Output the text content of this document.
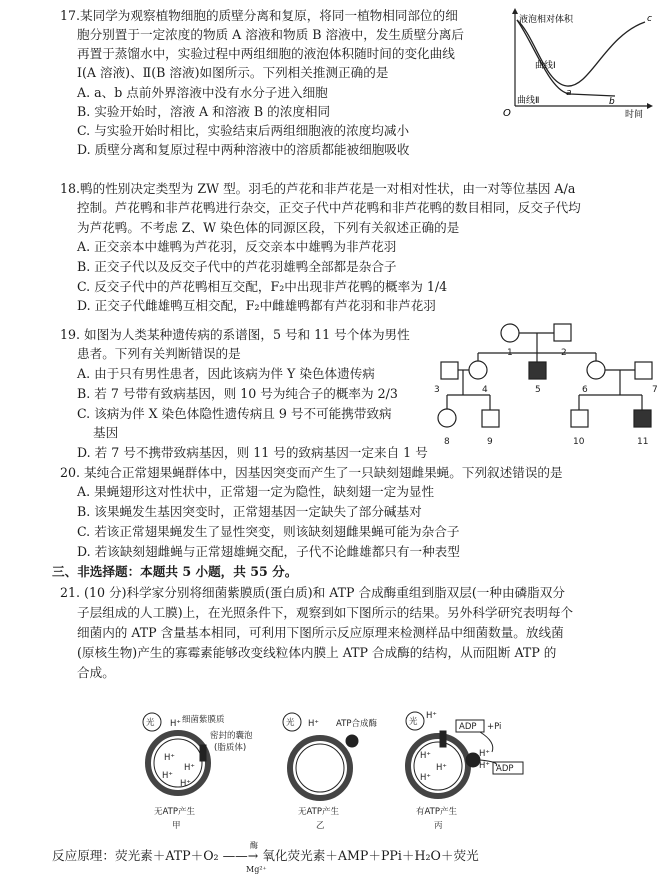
17.某同学为观察植物细胞的质壁分离和复原，将同一植物相同部位的细
胞分别置于一定浓度的物质 A 溶液和物质 B 溶液中，发生质壁分离后
再置于蒸馏水中，实验过程中两组细胞的液泡体积随时间的变化曲线
Ⅰ(A 溶液)、Ⅱ(B 溶液)如图所示。下列相关推测正确的是
A. a、b 点前外界溶液中没有水分子进入细胞
B. 实验开始时，溶液 A 和溶液 B 的浓度相同
C. 与实验开始时相比，实验结束后两组细胞液的浓度均减小
D. 质壁分离和复原过程中两种溶液中的溶质都能被细胞吸收
液泡相对体积
曲线Ⅰ
曲线Ⅱ
a
b
c
O	时间
18.鸭的性别决定类型为 ZW 型。羽毛的芦花和非芦花是一对相对性状，由一对等位基因 A/a
控制。芦花鸭和非芦花鸭进行杂交，正交子代中芦花鸭和非芦花鸭的数目相同，反交子代均
为芦花鸭。不考虑 Z、W 染色体的同源区段，下列有关叙述正确的是
A. 正交亲本中雄鸭为芦花羽，反交亲本中雄鸭为非芦花羽
B. 正交子代以及反交子代中的芦花羽雄鸭全部都是杂合子
C. 反交子代中的芦花鸭相互交配，F₂中出现非芦花鸭的概率为 1/4
D. 正交子代雌雄鸭互相交配，F₂中雌雄鸭都有芦花羽和非芦花羽
19. 如图为人类某种遗传病的系谱图，5 号和 11 号个体为男性
患者。下列有关判断错误的是
A. 由于只有男性患者，因此该病为伴 Y 染色体遗传病
B. 若 7 号带有致病基因，则 10 号为纯合子的概率为 2/3
C. 该病为伴 X 染色体隐性遗传病且 9 号不可能携带致病
基因
D. 若 7 号不携带致病基因，则 11 号的致病基因一定来自 1 号
1	2
3	4	5	6	7
8	9	10	11
20. 某纯合正常翅果蝇群体中，因基因突变而产生了一只缺刻翅雌果蝇。下列叙述错误的是
A. 果蝇翅形这对性状中，正常翅一定为隐性，缺刻翅一定为显性
B. 该果蝇发生基因突变时，正常翅基因一定缺失了部分碱基对
C. 若该正常翅果蝇发生了显性突变，则该缺刻翅雌果蝇可能为杂合子
D. 若该缺刻翅雌蝇与正常翅雄蝇交配，子代不论雌雄都只有一种表型
三、非选择题：本题共 5 小题，共 55 分。
21. (10 分)科学家分别将细菌紫膜质(蛋白质)和 ATP 合成酶重组到脂双层(一种由磷脂双分
子层组成的人工膜)上，在光照条件下，观察到如下图所示的结果。另外科学研究表明每个
细菌内的 ATP 含量基本相同，可利用下图所示反应原理来检测样品中细菌数量。放线菌
(原核生物)产生的寡霉素能够改变线粒体内膜上 ATP 合成酶的结构，从而阻断 ATP 的
合成。
光	光	光
H⁺ 细菌紫膜质
密封的囊泡
(脂质体)
H⁺
H⁺
H⁺
H⁺
H⁺ ATP合成酶
H⁺
ADP +Pi
H⁺
H⁺ ADP
H⁺
H⁺
H⁺
无ATP产生
甲
无ATP产生
乙
有ATP产生
丙
反应原理：荧光素＋ATP＋O₂ ——→ 氧化荧光素＋AMP＋PPi＋H₂O＋荧光
酶
Mg²⁺
